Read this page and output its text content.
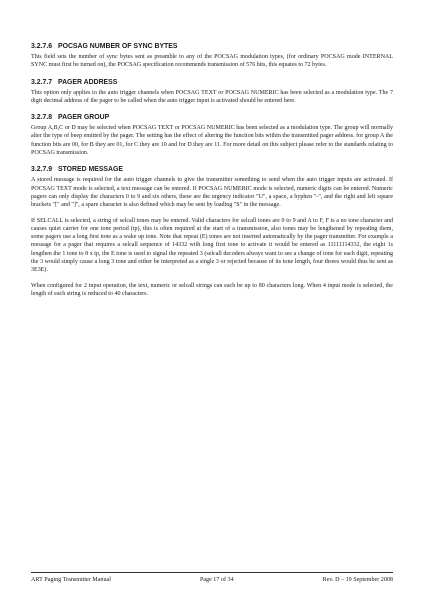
3.2.7.6 POCSAG NUMBER OF SYNC BYTES

This field sets the number of sync bytes sent as preamble to any of the POCSAG modulation types, (for ordinary POCSAG mode INTERNAL SYNC must first be turned on), the POCSAG specification recommends transmission of 576 bits, this equates to 72 bytes.

3.2.7.7 PAGER ADDRESS

This option only applies to the auto trigger channels when POCSAG TEXT or POCSAG NUMERIC has been selected as a modulation type. The 7 digit decimal address of the pager to be called when the auto trigger input is activated should be entered here.

3.2.7.8 PAGER GROUP

Group A,B,C or D may be selected when POCSAG TEXT or POCSAG NUMERIC has been selected as a modulation type. The group will normally alter the type of beep emitted by the pager. The setting has the effect of altering the function bits within the transmitted pager address. for group A the function bits are 00, for B they are 01, for C they are 10 and for D they are 11. For more detail on this subject please refer to the standards relating to POCSAG transmission.

3.2.7.9 STORED MESSAGE

A stored message is required for the auto trigger channels to give the transmitter something to send when the auto trigger inputs are activated. If POCSAG TEXT mode is selected, a text message can be entered. If POCSAG NUMERIC mode is selected, numeric digits can be entered. Numeric pagers can only display the characters 0 to 9 and six others, these are the urgency indicator "U", a space, a hyphen "-", and the right and left square brackets "[" and "]", a spare character is also defined which may be sent by loading "S" in the message.

If SELCALL is selected, a string of selcall tones may be entered. Valid characters for selcall tones are 0 to 9 and A to F, F is a no tone character and causes quiet carrier for one tone period (tp), this is often required at the start of a transmission, also tones may be lengthened by repeating them, some pagers use a long first tone as a wake up tone. Note that repeat (E) tones are not inserted automatically by the pager transmitter. For example a message for a pager that requires a selcall sequence of 14332 with long first tone to activate it would be entered as 11111114332, the eight 1s lengthen the 1 tone to 8 x tp, the E tone is used to signal the repeated 3 (selcall decoders always want to see a change of tone for each digit, repeating the 3 would simply cause a long 3 tone and either be interpreted as a single 3 or rejected because of its tone length, four threes would thus be sent as 3E3E).

When configured for 2 input operation, the text, numeric or selcall strings can each be up to 80 characters long. When 4 input mode is selected, the length of each string is reduced to 40 characters.

ART Paging Transmitter Manual	Page 17 of 34	Rev. D – 19 September 2008
